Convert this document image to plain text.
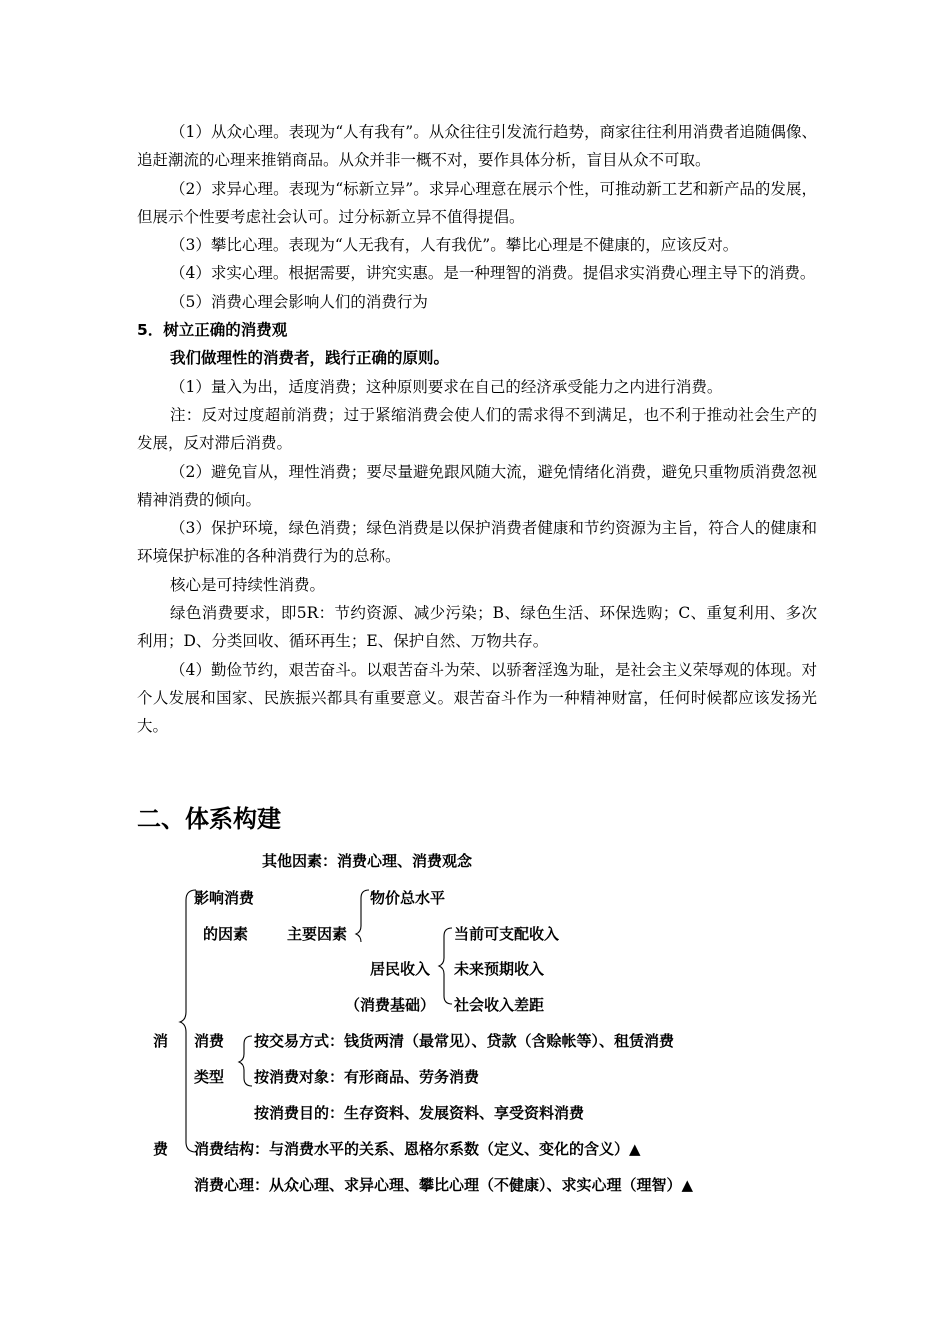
（1）从众心理。表现为“人有我有”。从众往往引发流行趋势，商家往往利用消费者追随偶像、追赶潮流的心理来推销商品。从众并非一概不对，要作具体分析，盲目从众不可取。

（2）求异心理。表现为“标新立异”。求异心理意在展示个性，可推动新工艺和新产品的发展，但展示个性要考虑社会认可。过分标新立异不值得提倡。

（3）攀比心理。表现为“人无我有，人有我优”。攀比心理是不健康的，应该反对。

（4）求实心理。根据需要，讲究实惠。是一种理智的消费。提倡求实消费心理主导下的消费。

（5）消费心理会影响人们的消费行为

5．树立正确的消费观

我们做理性的消费者，践行正确的原则。

（1）量入为出，适度消费；这种原则要求在自己的经济承受能力之内进行消费。

注：反对过度超前消费；过于紧缩消费会使人们的需求得不到满足，也不利于推动社会生产的发展，反对滞后消费。

（2）避免盲从，理性消费；要尽量避免跟风随大流，避免情绪化消费，避免只重物质消费忽视精神消费的倾向。

（3）保护环境，绿色消费；绿色消费是以保护消费者健康和节约资源为主旨，符合人的健康和环境保护标准的各种消费行为的总称。

核心是可持续性消费。

绿色消费要求，即5R：节约资源、减少污染；B、绿色生活、环保选购；C、重复利用、多次利用；D、分类回收、循环再生；E、保护自然、万物共存。

（4）勤俭节约，艰苦奋斗。以艰苦奋斗为荣、以骄奢淫逸为耻，是社会主义荣辱观的体现。对个人发展和国家、民族振兴都具有重要意义。艰苦奋斗作为一种精神财富，任何时候都应该发扬光大。

二、体系构建
其他因素：消费心理、消费观念
影响消费	物价总水平
的因素	主要因素	当前可支配收入
居民收入 未来预期收入
（消费基础） 社会收入差距
消 消费 按交易方式：钱货两清（最常见）、贷款（含赊帐等）、租赁消费
类型 按消费对象：有形商品、劳务消费
按消费目的：生存资料、发展资料、享受资料消费
费 消费结构：与消费水平的关系、恩格尔系数（定义、变化的含义）▲
消费心理：从众心理、求异心理、攀比心理（不健康）、求实心理（理智）▲
